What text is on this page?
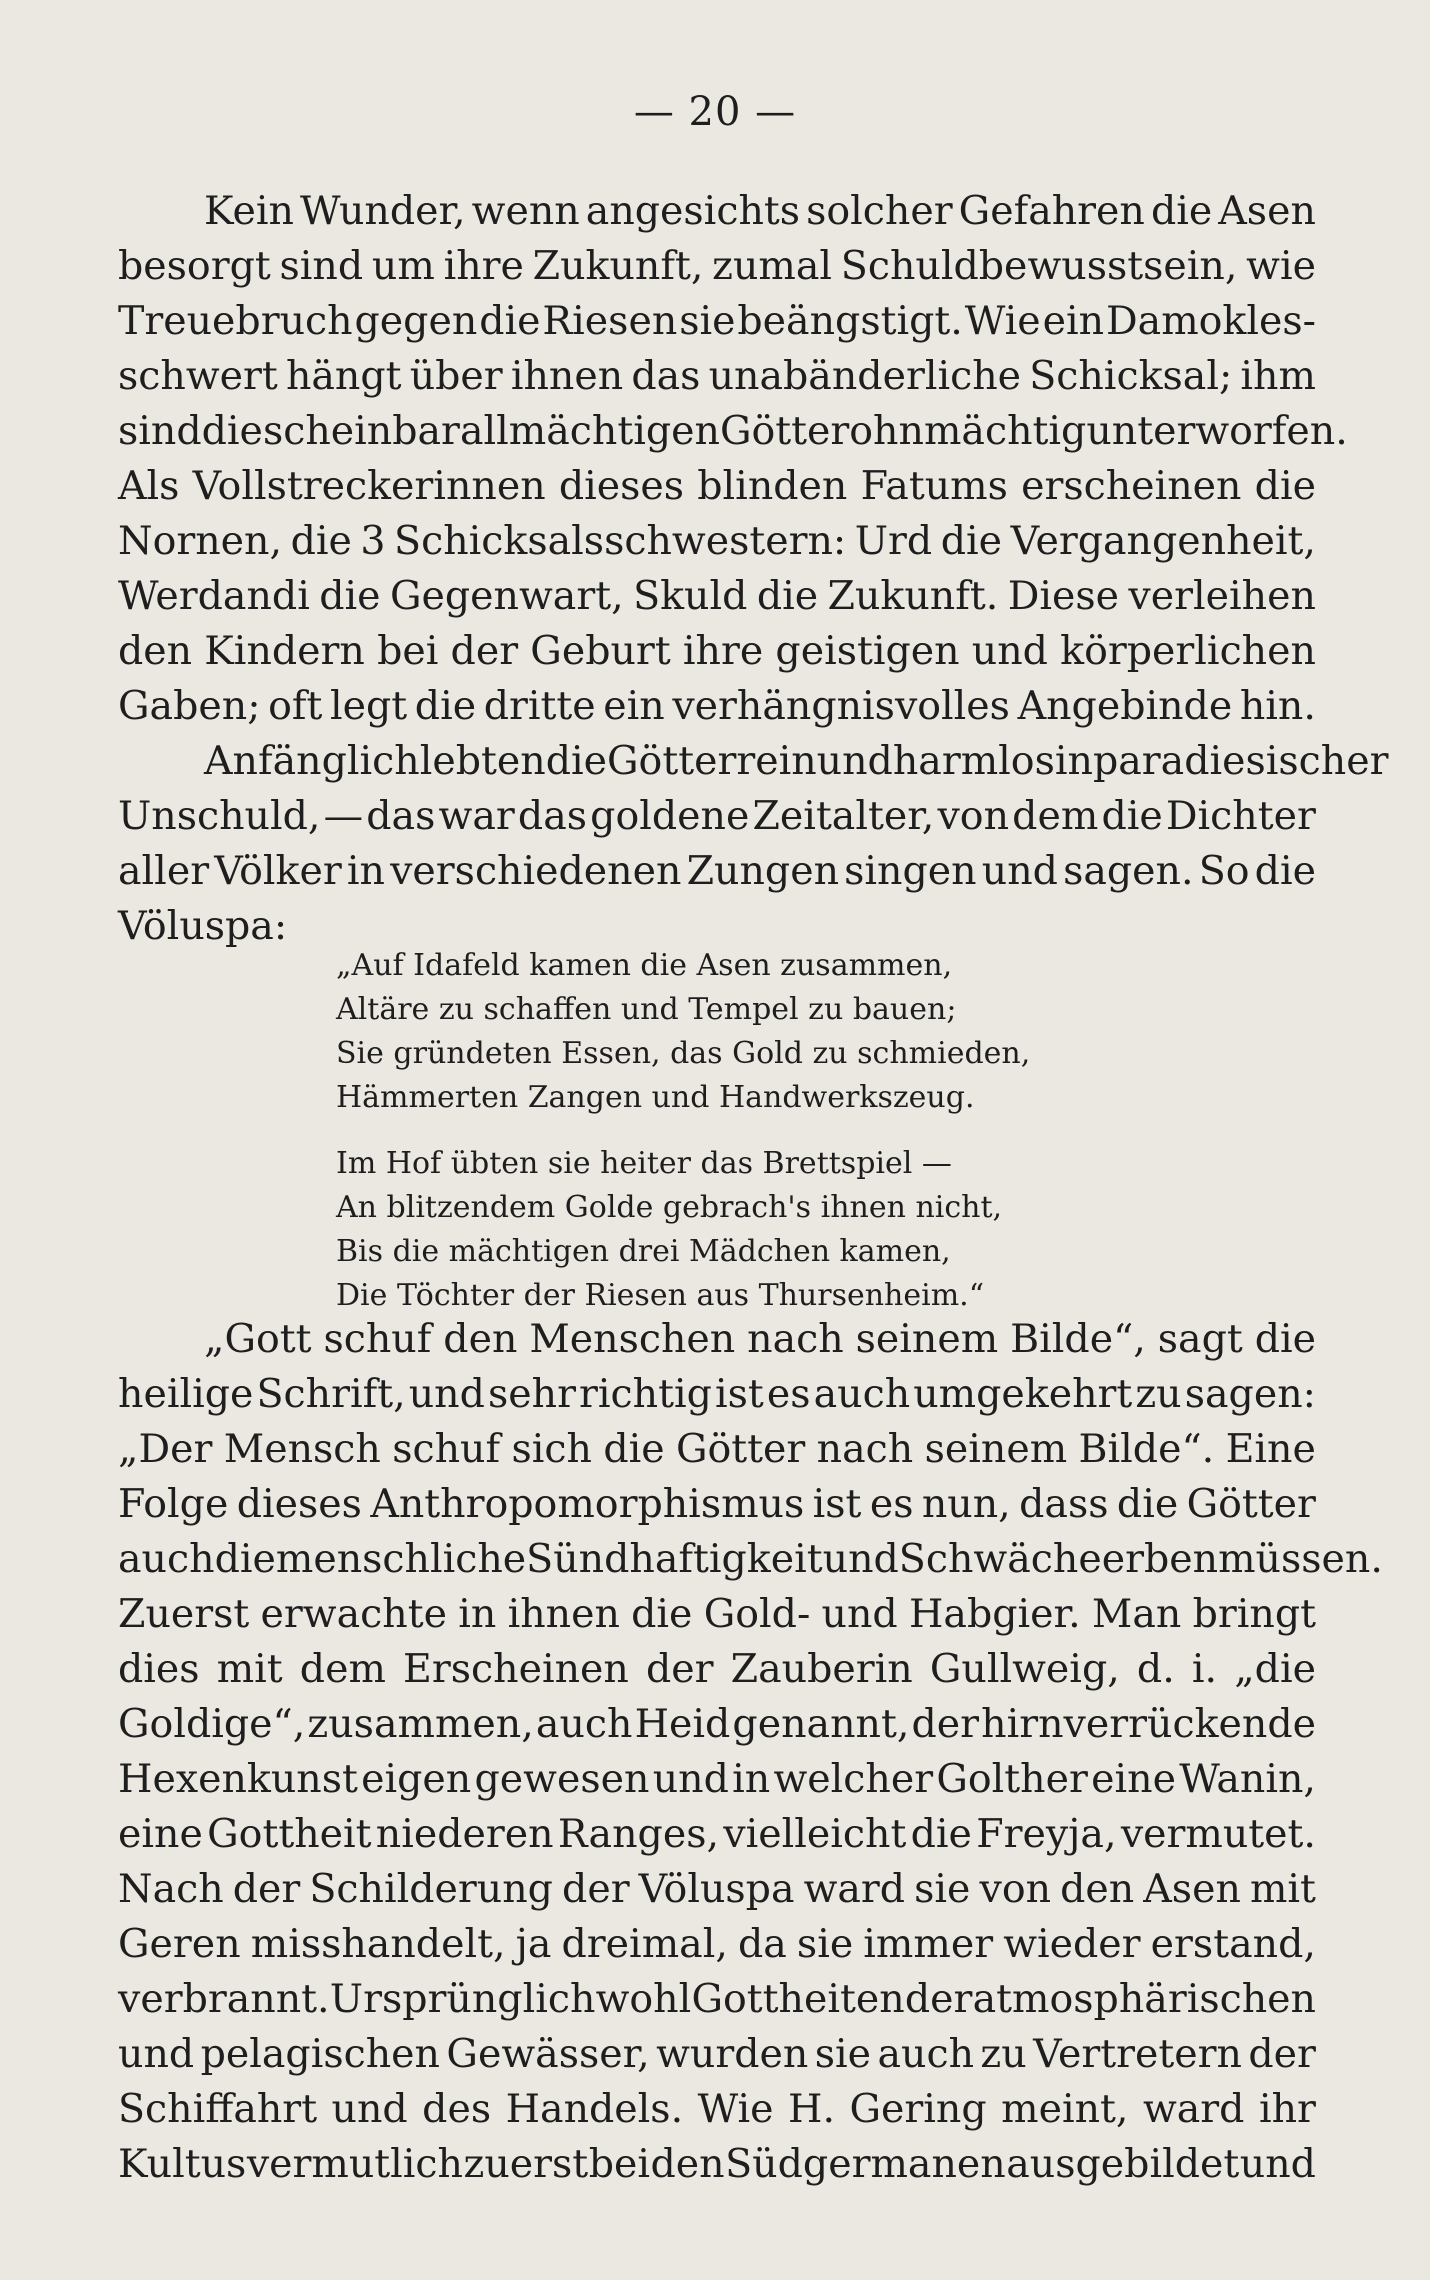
— 20 —
Kein Wunder, wenn angesichts solcher Gefahren die Asen
besorgt sind um ihre Zukunft, zumal Schuldbewusstsein, wie
Treuebruch gegen die Riesen sie beängstigt. Wie ein Damokles-
schwert hängt über ihnen das unabänderliche Schicksal; ihm
sind die scheinbar allmächtigen Götter ohnmächtig unterworfen.
Als Vollstreckerinnen dieses blinden Fatums erscheinen die
Nornen, die 3 Schicksalsschwestern: Urd die Vergangenheit,
Werdandi die Gegenwart, Skuld die Zukunft. Diese verleihen
den Kindern bei der Geburt ihre geistigen und körperlichen
Gaben; oft legt die dritte ein verhängnisvolles Angebinde hin.
Anfänglich lebten die Götter rein und harmlos in paradiesischer
Unschuld, — das war das goldene Zeitalter, von dem die Dichter
aller Völker in verschiedenen Zungen singen und sagen. So die
Völuspa:
„Auf Idafeld kamen die Asen zusammen,
Altäre zu schaffen und Tempel zu bauen;
Sie gründeten Essen, das Gold zu schmieden,
Hämmerten Zangen und Handwerkszeug.
Im Hof übten sie heiter das Brettspiel —
An blitzendem Golde gebrach's ihnen nicht,
Bis die mächtigen drei Mädchen kamen,
Die Töchter der Riesen aus Thursenheim.“
„Gott schuf den Menschen nach seinem Bilde“, sagt die
heilige Schrift, und sehr richtig ist es auch umgekehrt zu sagen:
„Der Mensch schuf sich die Götter nach seinem Bilde“. Eine
Folge dieses Anthropomorphismus ist es nun, dass die Götter
auch die menschliche Sündhaftigkeit und Schwäche erben müssen.
Zuerst erwachte in ihnen die Gold- und Habgier. Man bringt
dies mit dem Erscheinen der Zauberin Gullweig, d. i. „die
Goldige“, zusammen, auch Heid genannt, der hirnverrückende
Hexenkunst eigen gewesen und in welcher Golther eine Wanin,
eine Gottheit niederen Ranges, vielleicht die Freyja, vermutet.
Nach der Schilderung der Völuspa ward sie von den Asen mit
Geren misshandelt, ja dreimal, da sie immer wieder erstand,
verbrannt. Ursprünglich wohl Gottheiten der atmosphärischen
und pelagischen Gewässer, wurden sie auch zu Vertretern der
Schiffahrt und des Handels. Wie H. Gering meint, ward ihr
Kultus vermutlich zuerst bei den Südgermanen ausgebildet und
